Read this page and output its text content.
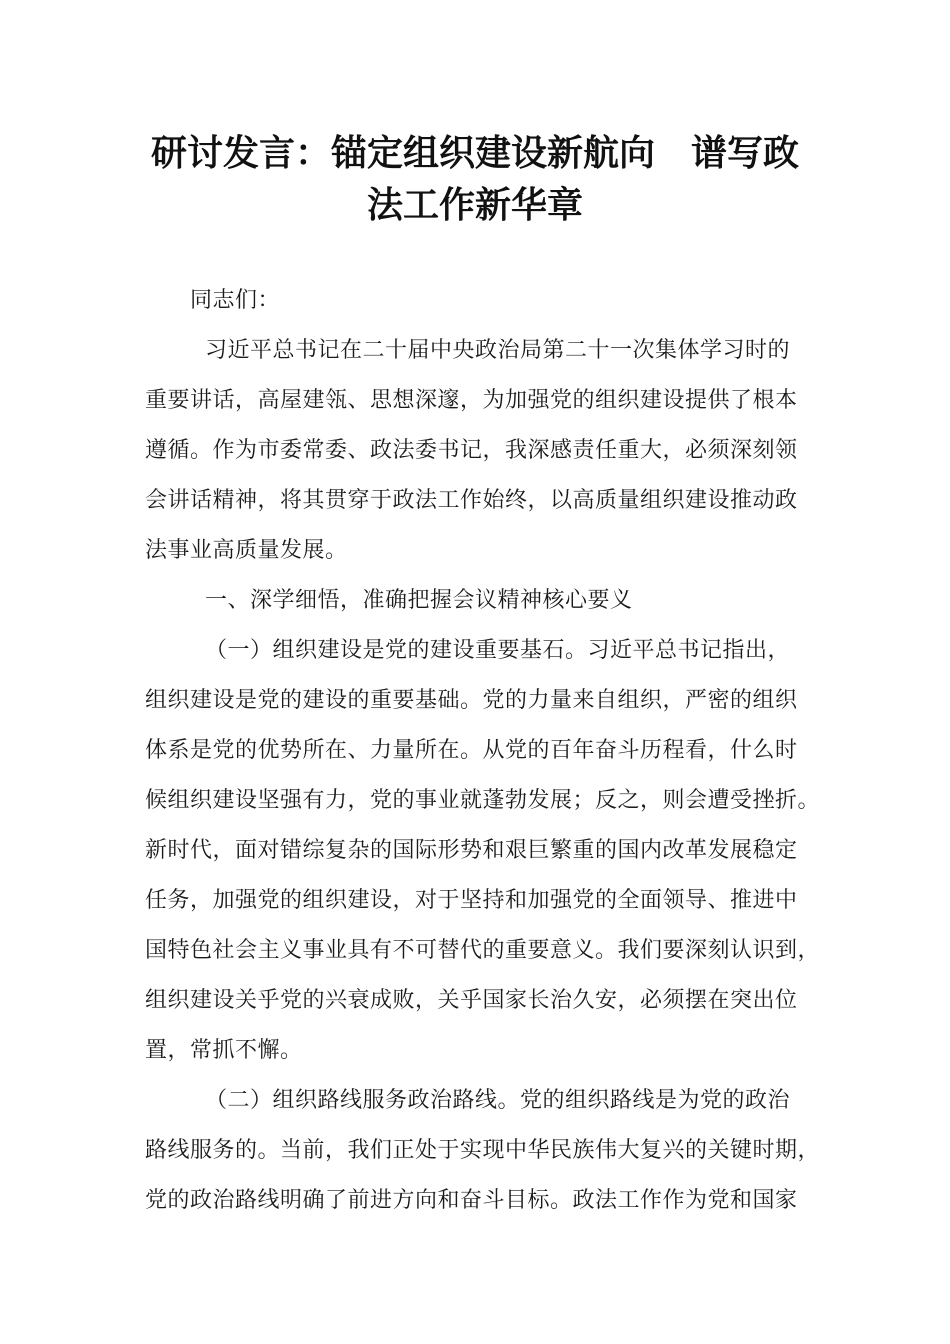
研讨发言：锚定组织建设新航向　谱写政
法工作新华章
同志们：
习近平总书记在二十届中央政治局第二十一次集体学习时的
重要讲话，高屋建瓴、思想深邃，为加强党的组织建设提供了根本
遵循。作为市委常委、政法委书记，我深感责任重大，必须深刻领
会讲话精神，将其贯穿于政法工作始终，以高质量组织建设推动政
法事业高质量发展。
一、深学细悟，准确把握会议精神核心要义
（一）组织建设是党的建设重要基石。习近平总书记指出，
组织建设是党的建设的重要基础。党的力量来自组织，严密的组织
体系是党的优势所在、力量所在。从党的百年奋斗历程看，什么时
候组织建设坚强有力，党的事业就蓬勃发展；反之，则会遭受挫折。
新时代，面对错综复杂的国际形势和艰巨繁重的国内改革发展稳定
任务，加强党的组织建设，对于坚持和加强党的全面领导、推进中
国特色社会主义事业具有不可替代的重要意义。我们要深刻认识到，
组织建设关乎党的兴衰成败，关乎国家长治久安，必须摆在突出位
置，常抓不懈。
（二）组织路线服务政治路线。党的组织路线是为党的政治
路线服务的。当前，我们正处于实现中华民族伟大复兴的关键时期，
党的政治路线明确了前进方向和奋斗目标。政法工作作为党和国家
